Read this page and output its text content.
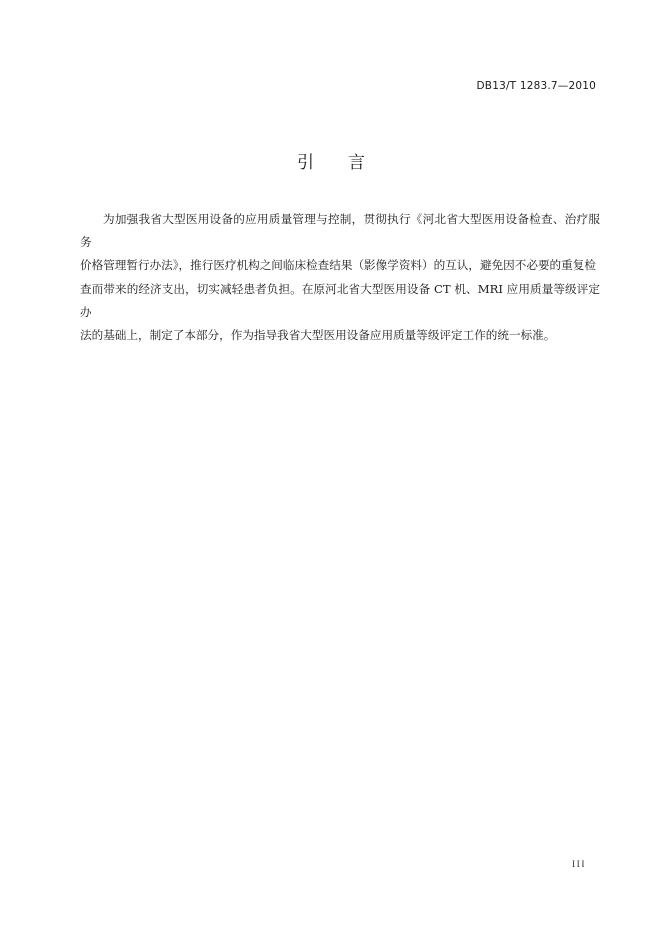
DB13/T 1283.7—2010
引言

为加强我省大型医用设备的应用质量管理与控制，贯彻执行《河北省大型医用设备检查、治疗服务
价格管理暂行办法》，推行医疗机构之间临床检查结果（影像学资料）的互认，避免因不必要的重复检
查而带来的经济支出，切实减轻患者负担。在原河北省大型医用设备 CT 机、MRI 应用质量等级评定办
法的基础上，制定了本部分，作为指导我省大型医用设备应用质量等级评定工作的统一标准。

III
